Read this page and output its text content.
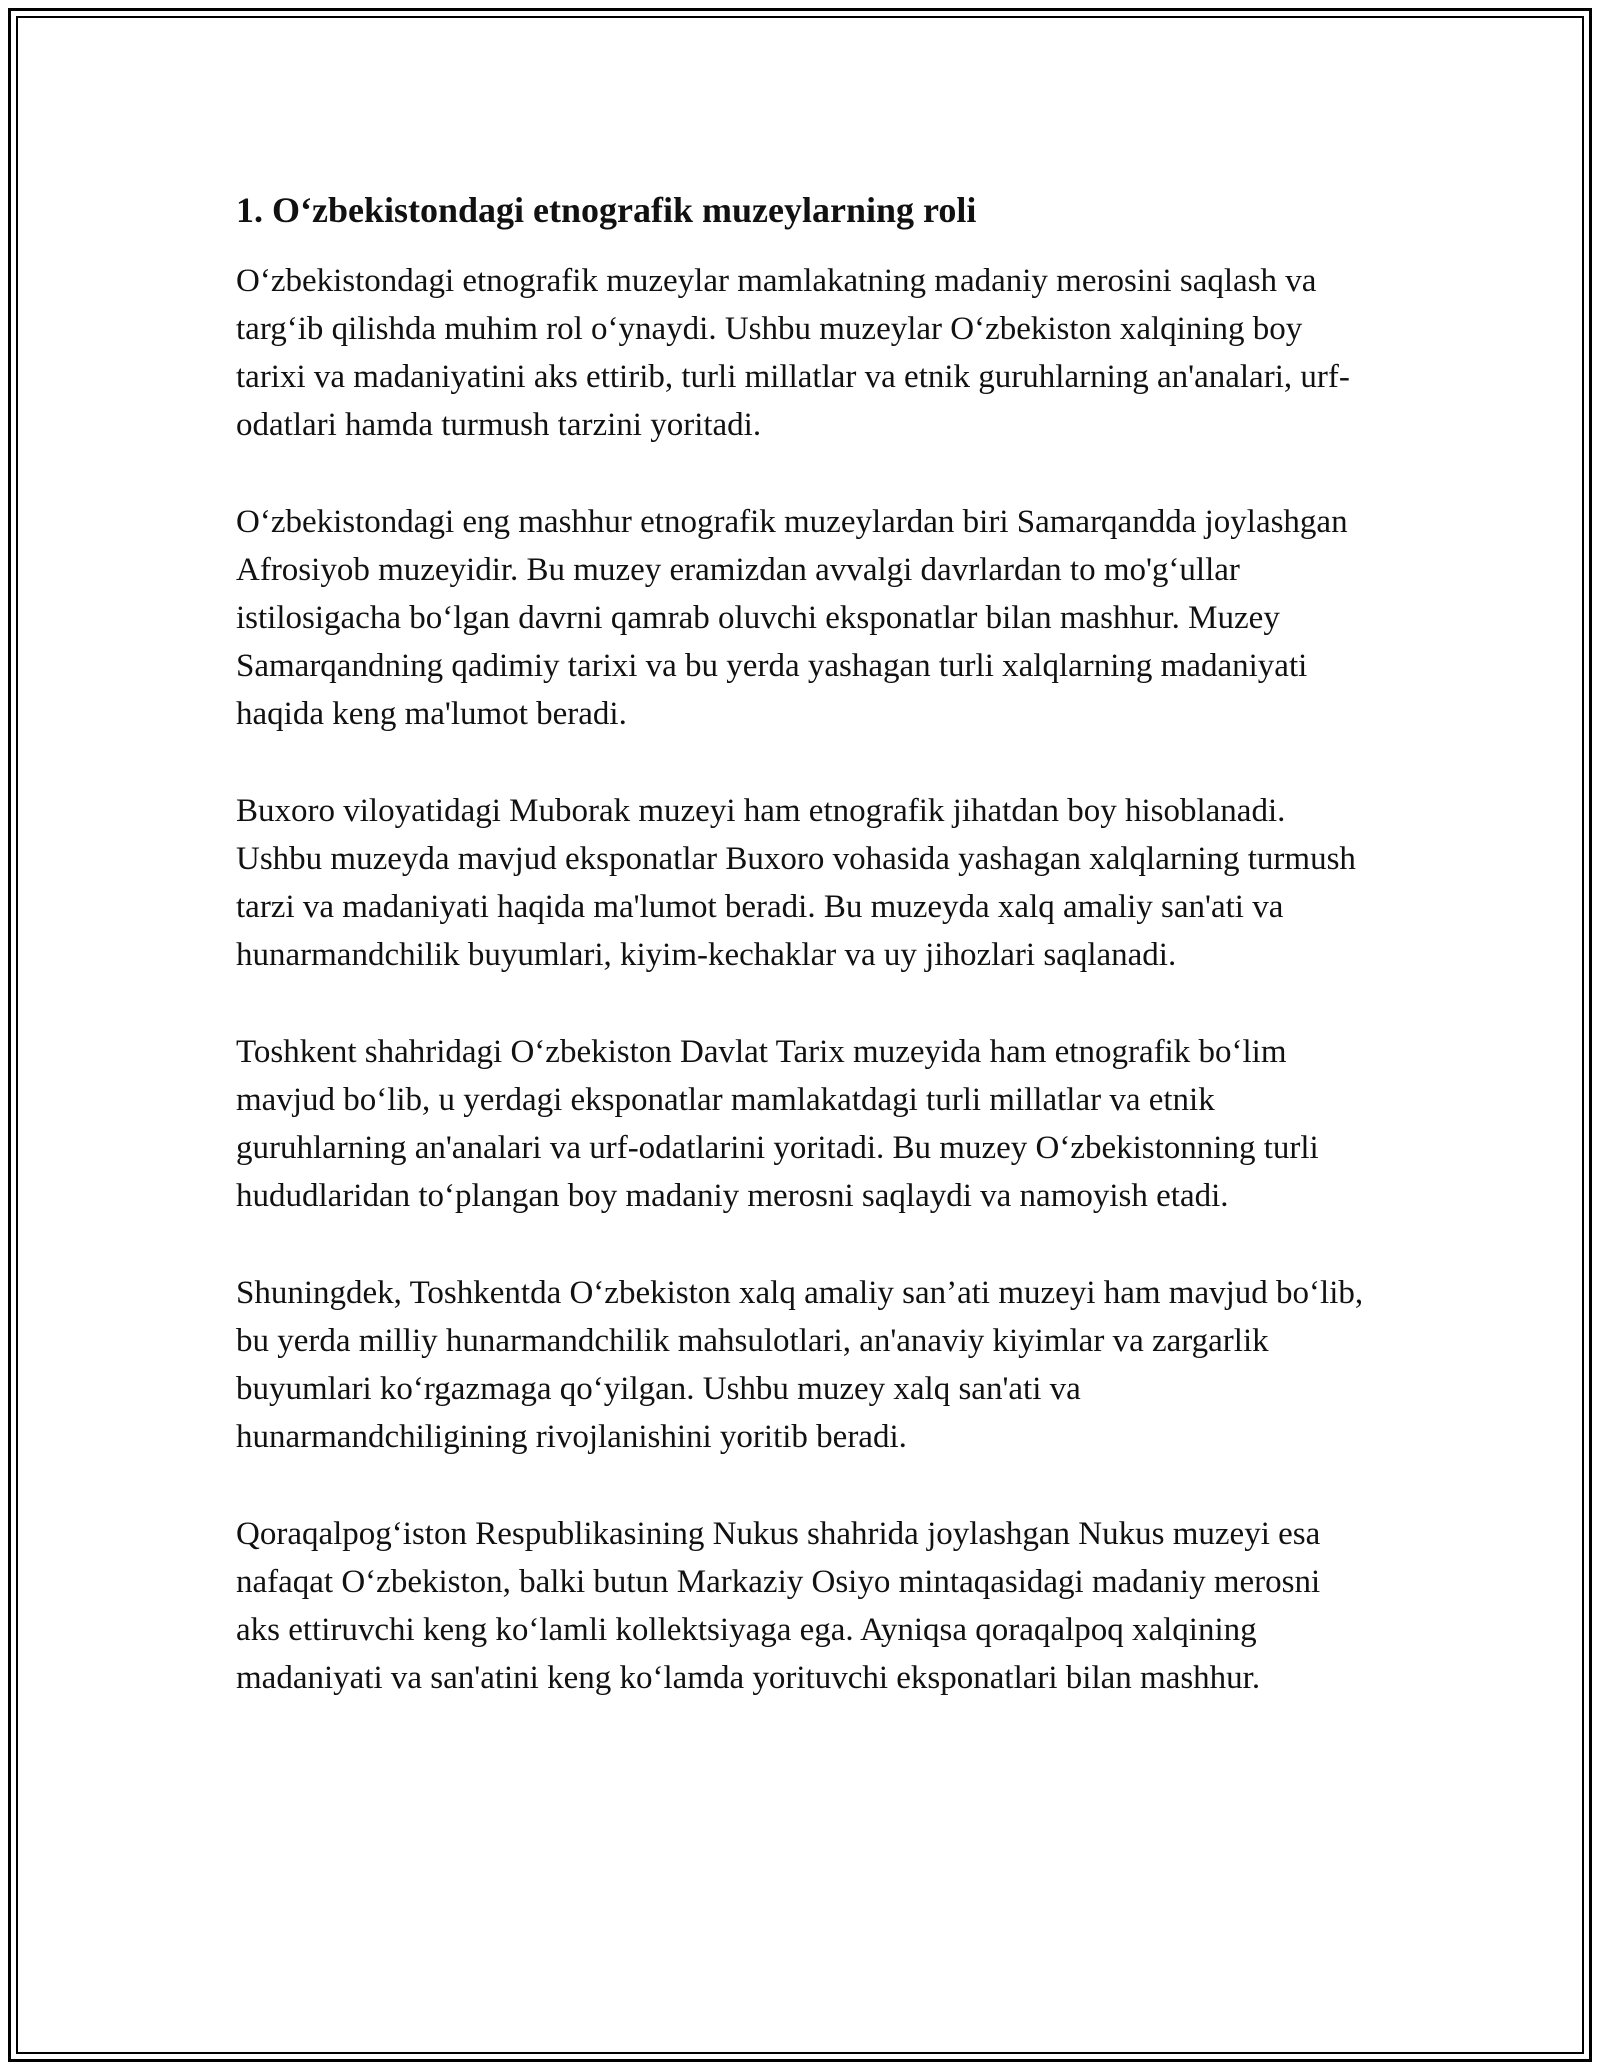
1. O‘zbekistondagi etnografik muzeylarning roli

O‘zbekistondagi etnografik muzeylar mamlakatning madaniy merosini saqlash va targ‘ib qilishda muhim rol o‘ynaydi. Ushbu muzeylar O‘zbekiston xalqining boy tarixi va madaniyatini aks ettirib, turli millatlar va etnik guruhlarning an'analari, urf-odatlari hamda turmush tarzini yoritadi.

O‘zbekistondagi eng mashhur etnografik muzeylardan biri Samarqandda joylashgan Afrosiyob muzeyidir. Bu muzey eramizdan avvalgi davrlardan to mo'g‘ullar istilosigacha bo‘lgan davrni qamrab oluvchi eksponatlar bilan mashhur. Muzey Samarqandning qadimiy tarixi va bu yerda yashagan turli xalqlarning madaniyati haqida keng ma'lumot beradi.

Buxoro viloyatidagi Muborak muzeyi ham etnografik jihatdan boy hisoblanadi. Ushbu muzeyda mavjud eksponatlar Buxoro vohasida yashagan xalqlarning turmush tarzi va madaniyati haqida ma'lumot beradi. Bu muzeyda xalq amaliy san'ati va hunarmandchilik buyumlari, kiyim-kechaklar va uy jihozlari saqlanadi.

Toshkent shahridagi O‘zbekiston Davlat Tarix muzeyida ham etnografik bo‘lim mavjud bo‘lib, u yerdagi eksponatlar mamlakatdagi turli millatlar va etnik guruhlarning an'analari va urf-odatlarini yoritadi. Bu muzey O‘zbekistonning turli hududlaridan to‘plangan boy madaniy merosni saqlaydi va namoyish etadi.

Shuningdek, Toshkentda O‘zbekiston xalq amaliy san’ati muzeyi ham mavjud bo‘lib, bu yerda milliy hunarmandchilik mahsulotlari, an'anaviy kiyimlar va zargarlik buyumlari ko‘rgazmaga qo‘yilgan. Ushbu muzey xalq san'ati va hunarmandchiligining rivojlanishini yoritib beradi.

Qoraqalpog‘iston Respublikasining Nukus shahrida joylashgan Nukus muzeyi esa nafaqat O‘zbekiston, balki butun Markaziy Osiyo mintaqasidagi madaniy merosni aks ettiruvchi keng ko‘lamli kollektsiyaga ega. Ayniqsa qoraqalpoq xalqining madaniyati va san'atini keng ko‘lamda yorituvchi eksponatlari bilan mashhur.
